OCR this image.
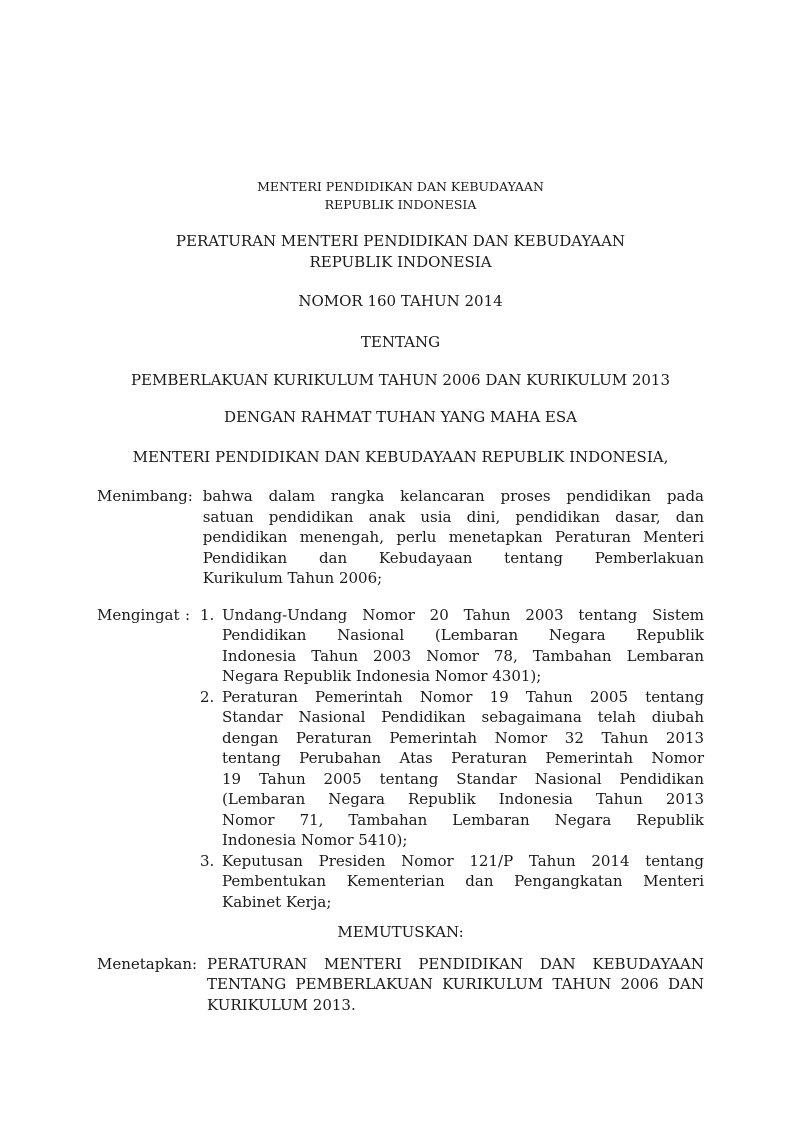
MENTERI PENDIDIKAN DAN KEBUDAYAAN
REPUBLIK INDONESIA
PERATURAN MENTERI PENDIDIKAN DAN KEBUDAYAAN
REPUBLIK INDONESIA
NOMOR 160 TAHUN 2014
TENTANG
PEMBERLAKUAN KURIKULUM TAHUN 2006 DAN KURIKULUM 2013
DENGAN RAHMAT TUHAN YANG MAHA ESA
MENTERI PENDIDIKAN DAN KEBUDAYAAN REPUBLIK INDONESIA,
Menimbang : bahwa dalam rangka kelancaran proses pendidikan pada
satuan pendidikan anak usia dini, pendidikan dasar, dan
pendidikan menengah, perlu menetapkan Peraturan Menteri
Pendidikan dan Kebudayaan tentang Pemberlakuan
Kurikulum Tahun 2006;
Mengingat : 1. Undang-Undang Nomor 20 Tahun 2003 tentang Sistem
Pendidikan Nasional (Lembaran Negara Republik
Indonesia Tahun 2003 Nomor 78, Tambahan Lembaran
Negara Republik Indonesia Nomor 4301);
2. Peraturan Pemerintah Nomor 19 Tahun 2005 tentang
Standar Nasional Pendidikan sebagaimana telah diubah
dengan Peraturan Pemerintah Nomor 32 Tahun 2013
tentang Perubahan Atas Peraturan Pemerintah Nomor
19 Tahun 2005 tentang Standar Nasional Pendidikan
(Lembaran Negara Republik Indonesia Tahun 2013
Nomor 71, Tambahan Lembaran Negara Republik
Indonesia Nomor 5410);
3. Keputusan Presiden Nomor 121/P Tahun 2014 tentang
Pembentukan Kementerian dan Pengangkatan Menteri
Kabinet Kerja;
MEMUTUSKAN:
Menetapkan : PERATURAN MENTERI PENDIDIKAN DAN KEBUDAYAAN
TENTANG PEMBERLAKUAN KURIKULUM TAHUN 2006 DAN
KURIKULUM 2013.
